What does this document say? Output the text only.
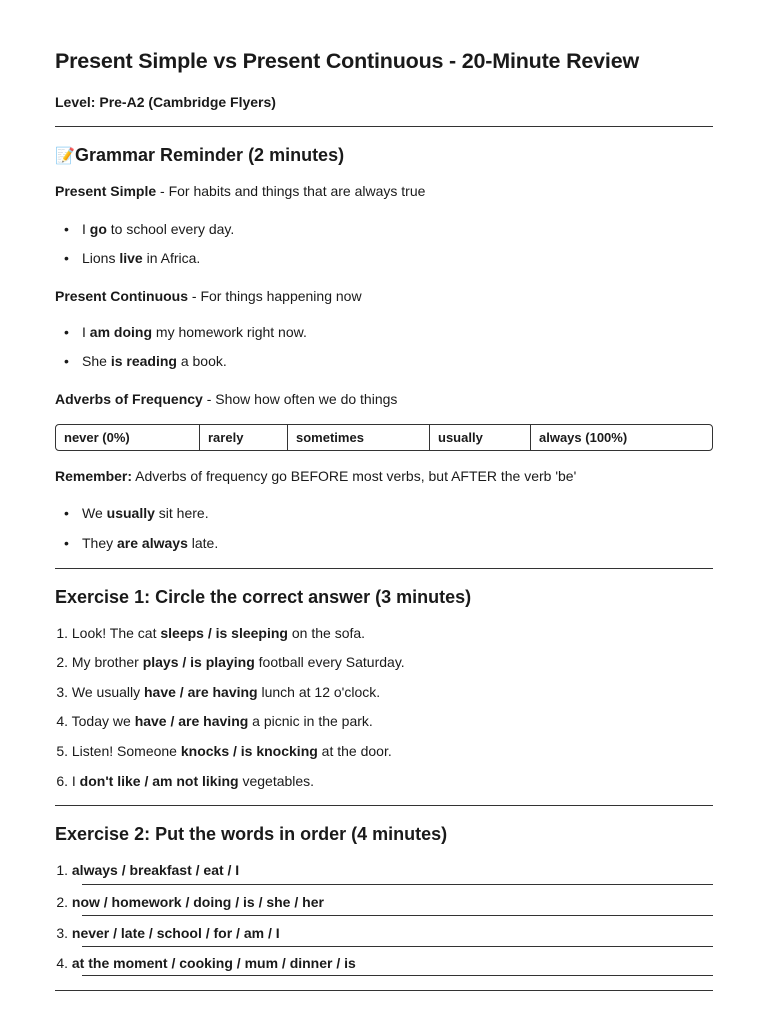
Present Simple vs Present Continuous - 20-Minute Review
Level: Pre-A2 (Cambridge Flyers)
📝Grammar Reminder (2 minutes)
Present Simple - For habits and things that are always true
• I go to school every day.
• Lions live in Africa.
Present Continuous - For things happening now
• I am doing my homework right now.
• She is reading a book.
Adverbs of Frequency - Show how often we do things
never (0%)	rarely	sometimes	usually	always (100%)
Remember: Adverbs of frequency go BEFORE most verbs, but AFTER the verb 'be'
• We usually sit here.
• They are always late.
Exercise 1: Circle the correct answer (3 minutes)
1. Look! The cat sleeps / is sleeping on the sofa.
2. My brother plays / is playing football every Saturday.
3. We usually have / are having lunch at 12 o'clock.
4. Today we have / are having a picnic in the park.
5. Listen! Someone knocks / is knocking at the door.
6. I don't like / am not liking vegetables.
Exercise 2: Put the words in order (4 minutes)
1. always / breakfast / eat / I
2. now / homework / doing / is / she / her
3. never / late / school / for / am / I
4. at the moment / cooking / mum / dinner / is
